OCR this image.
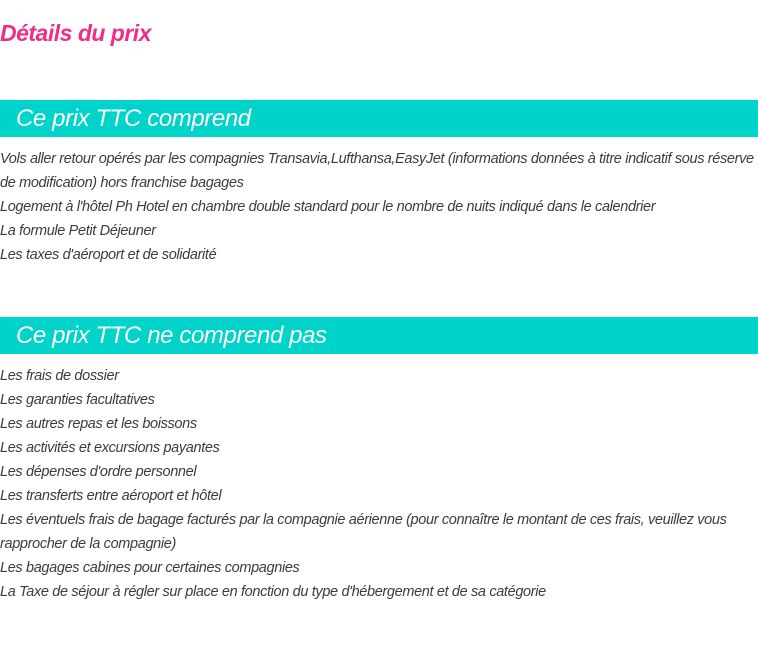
Détails du prix
Ce prix TTC comprend
Vols aller retour opérés par les compagnies Transavia,Lufthansa,EasyJet (informations données à titre indicatif sous réserve de modification) hors franchise bagages
Logement à l'hôtel Ph Hotel en chambre double standard pour le nombre de nuits indiqué dans le calendrier
La formule Petit Déjeuner
Les taxes d'aéroport et de solidarité
Ce prix TTC ne comprend pas
Les frais de dossier
Les garanties facultatives
Les autres repas et les boissons
Les activités et excursions payantes
Les dépenses d'ordre personnel
Les transferts entre aéroport et hôtel
Les éventuels frais de bagage facturés par la compagnie aérienne (pour connaître le montant de ces frais, veuillez vous rapprocher de la compagnie)
Les bagages cabines pour certaines compagnies
La Taxe de séjour à régler sur place en fonction du type d'hébergement et de sa catégorie
